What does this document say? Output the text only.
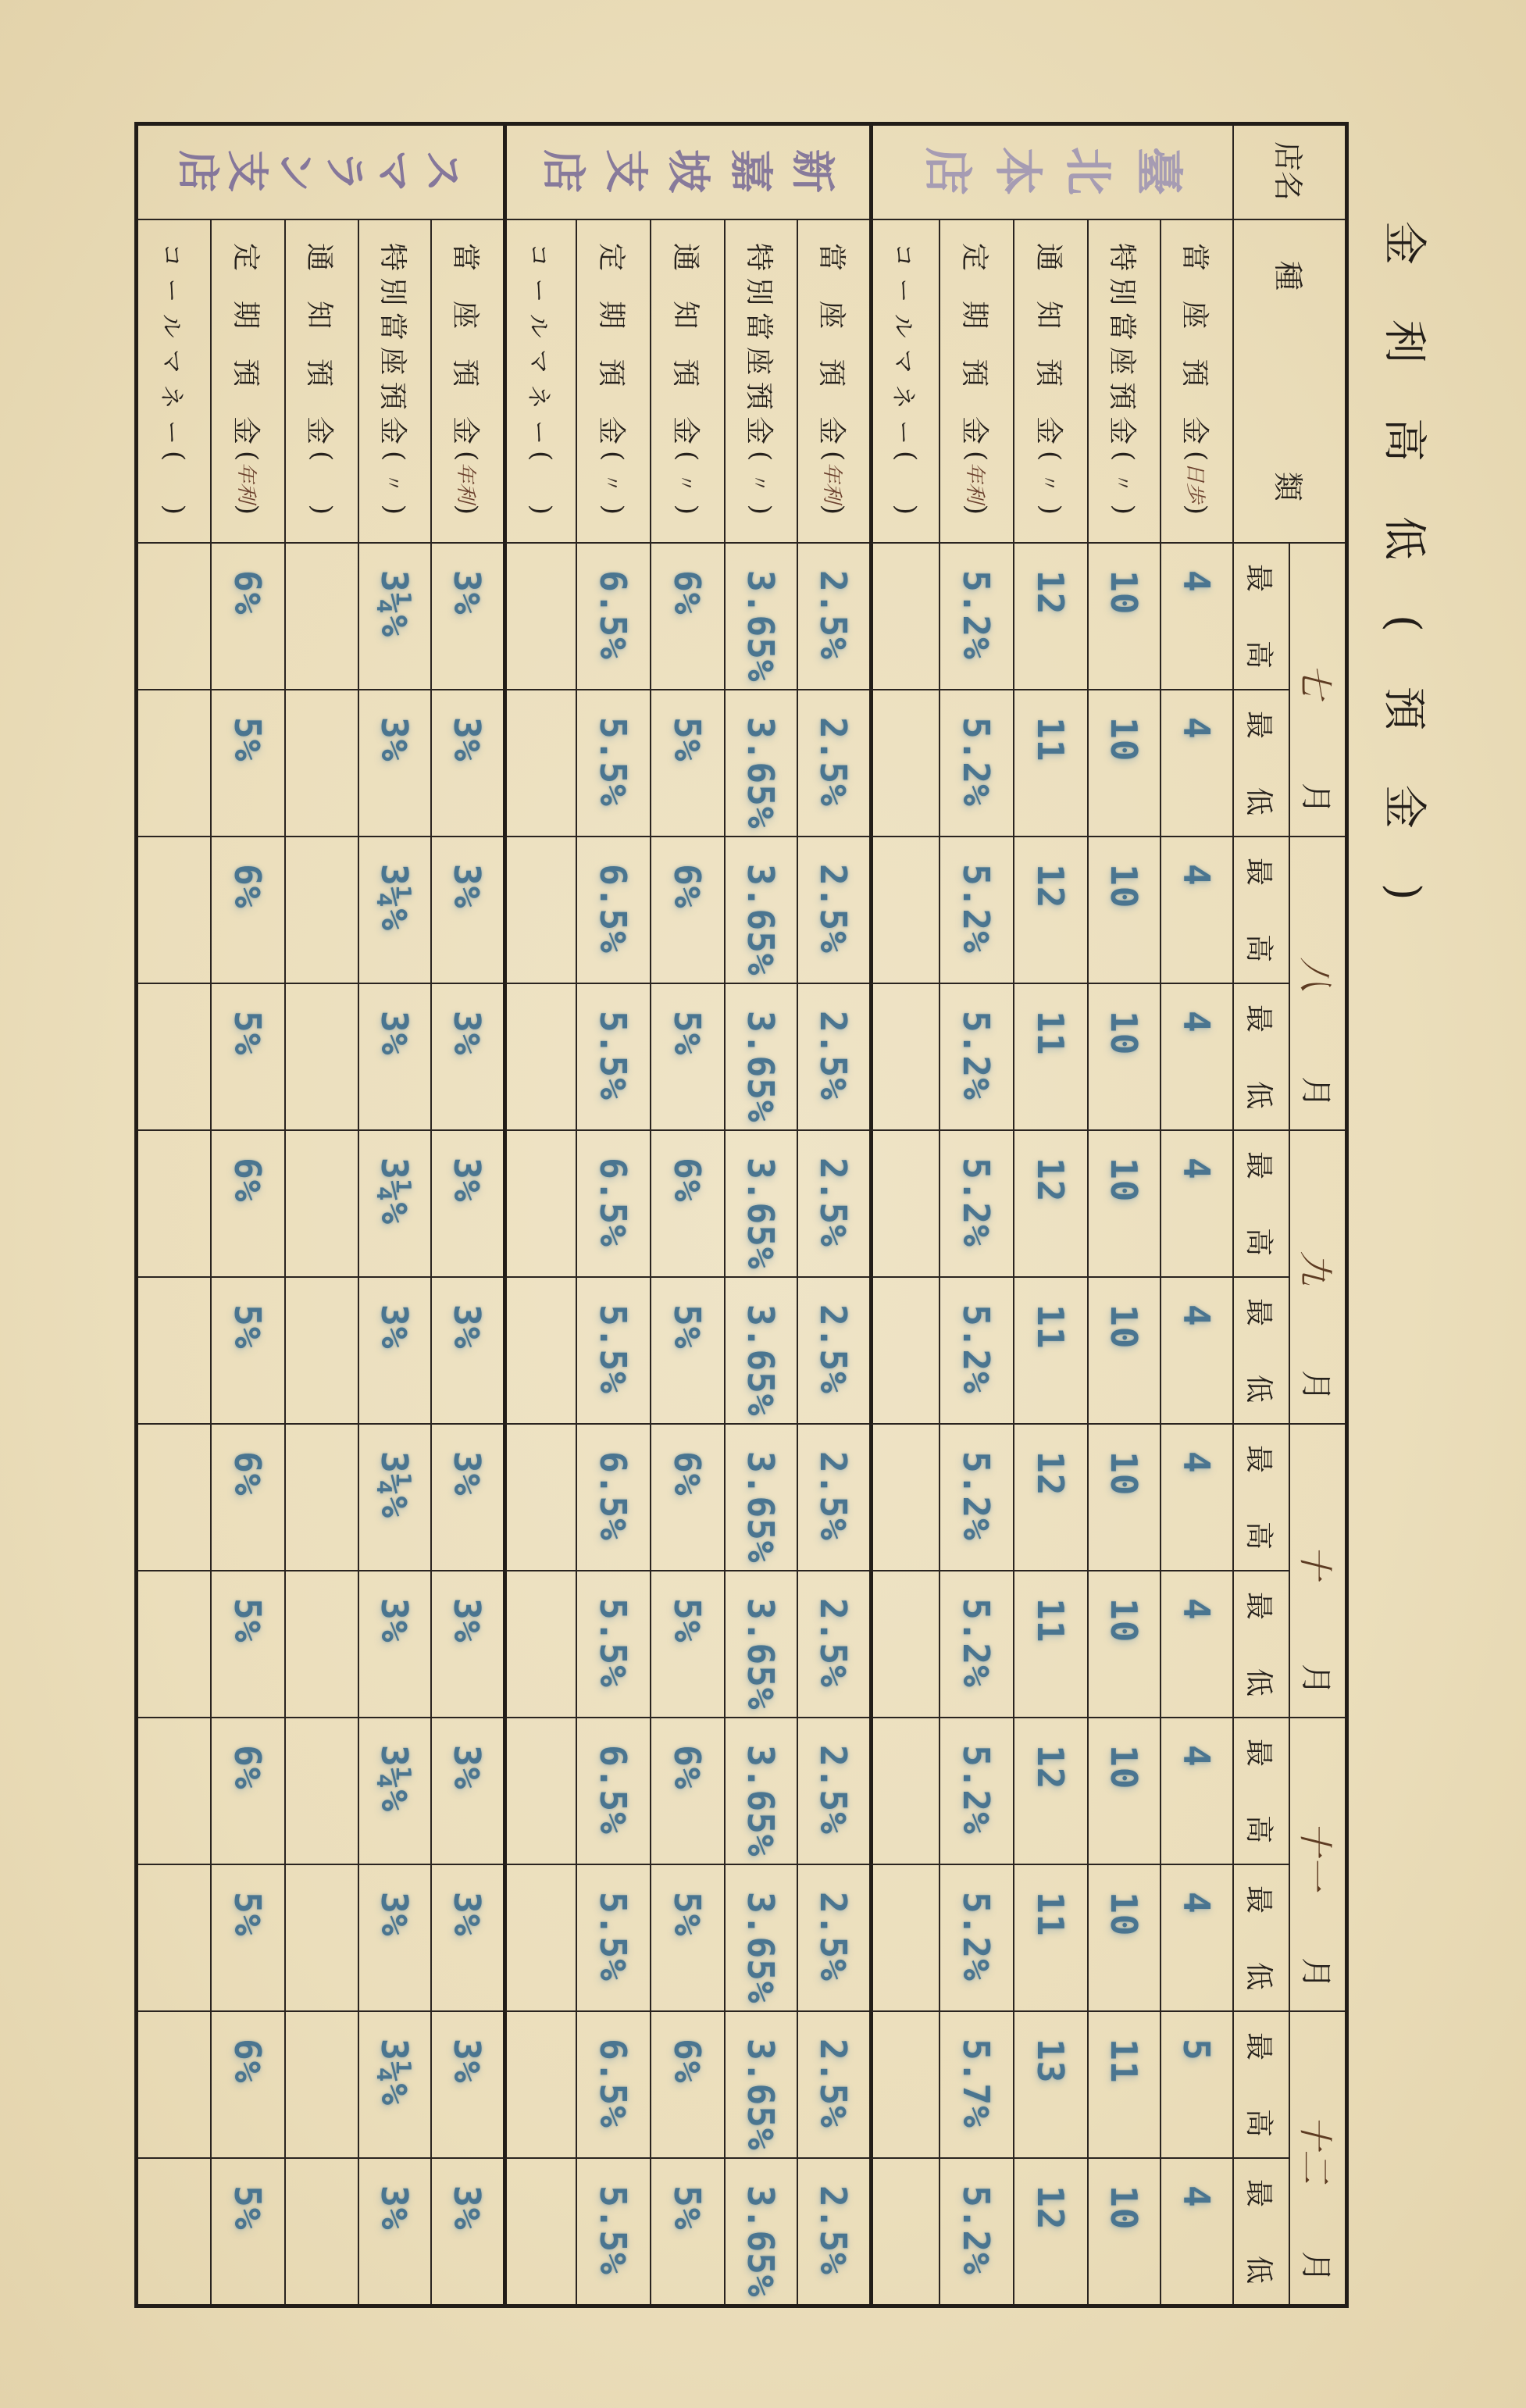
金利高低(預金)
店名
種
類
七
月
八
月
九
月
十
月
十一
月
十二
月
最
高
最
低
最
高
最
低
最
高
最
低
最
高
最
低
最
高
最
低
最
高
最
低
臺
北
本
店
當
座
預
金
(
日歩
)
4
4
4
4
4
4
4
4
4
4
5
4
特
別
當
座
預
金
(
〃
)
10
10
10
10
10
10
10
10
10
10
11
10
通
知
預
金
(
〃
)
12
11
12
11
12
11
12
11
12
11
13
12
定
期
預
金
(
年利
)
5.2%
5.2%
5.2%
5.2%
5.2%
5.2%
5.2%
5.2%
5.2%
5.2%
5.7%
5.2%
コ
ー
ル
マ
ネ
ー
(
)
新
嘉
坡
支
店
當
座
預
金
(
年利
)
2.5%
2.5%
2.5%
2.5%
2.5%
2.5%
2.5%
2.5%
2.5%
2.5%
2.5%
2.5%
特
別
當
座
預
金
(
〃
)
3.65%
3.65%
3.65%
3.65%
3.65%
3.65%
3.65%
3.65%
3.65%
3.65%
3.65%
3.65%
通
知
預
金
(
〃
)
6%
5%
6%
5%
6%
5%
6%
5%
6%
5%
6%
5%
定
期
預
金
(
〃
)
6.5%
5.5%
6.5%
5.5%
6.5%
5.5%
6.5%
5.5%
6.5%
5.5%
6.5%
5.5%
コ
ー
ル
マ
ネ
ー
(
)
ス
マ
ラ
ン
支
店
當
座
預
金
(
年利
)
3%
3%
3%
3%
3%
3%
3%
3%
3%
3%
3%
3%
特
別
當
座
預
金
(
〃
)
3¼%
3%
3¼%
3%
3¼%
3%
3¼%
3%
3¼%
3%
3¼%
3%
通
知
預
金
(
)
定
期
預
金
(
年利
)
6%
5%
6%
5%
6%
5%
6%
5%
6%
5%
6%
5%
コ
ー
ル
マ
ネ
ー
(
)
